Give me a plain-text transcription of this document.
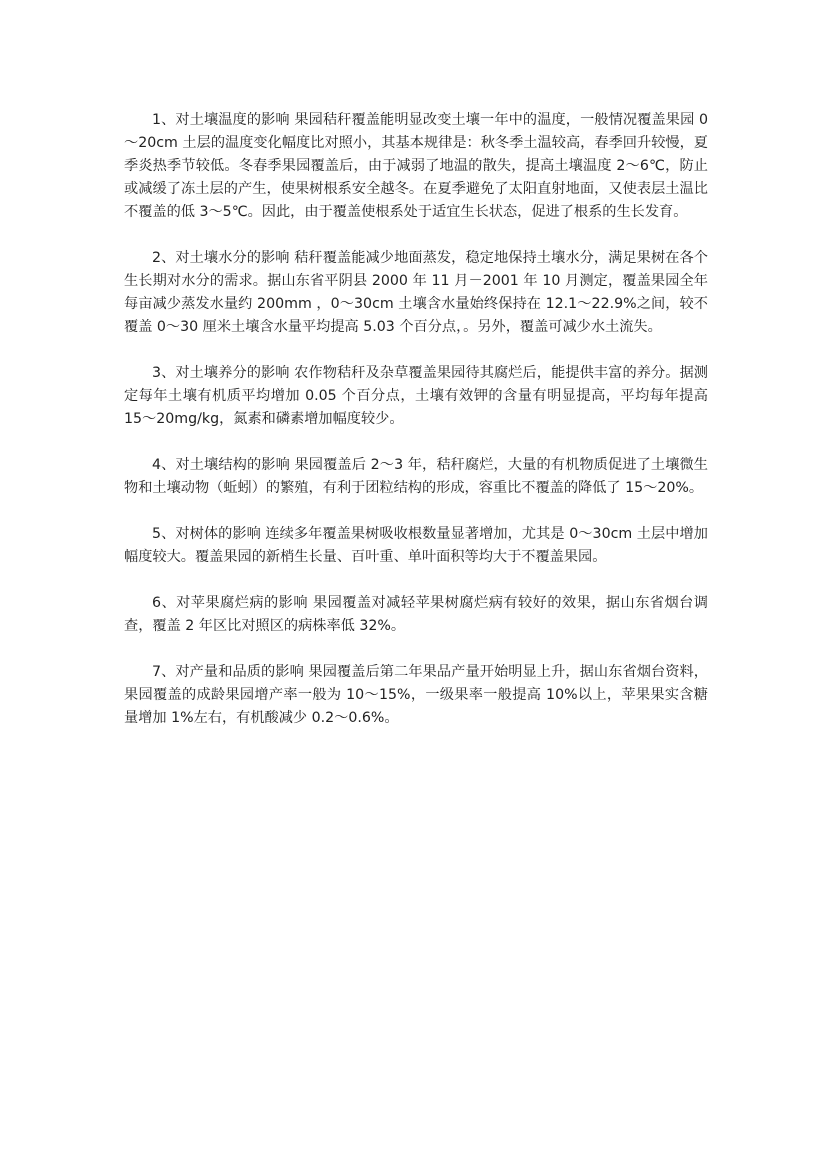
1、对土壤温度的影响 果园秸秆覆盖能明显改变土壤一年中的温度，一般情况覆盖果园 0～20cm 土层的温度变化幅度比对照小，其基本规律是：秋冬季土温较高，春季回升较慢，夏季炎热季节较低。冬春季果园覆盖后，由于减弱了地温的散失，提高土壤温度 2～6℃，防止或减缓了冻土层的产生，使果树根系安全越冬。在夏季避免了太阳直射地面，又使表层土温比不覆盖的低 3～5℃。因此，由于覆盖使根系处于适宜生长状态，促进了根系的生长发育。

2、对土壤水分的影响 秸秆覆盖能减少地面蒸发，稳定地保持土壤水分，满足果树在各个生长期对水分的需求。据山东省平阴县 2000 年 11 月－2001 年 10 月测定，覆盖果园全年每亩减少蒸发水量约 200mm ，0～30cm 土壤含水量始终保持在 12.1～22.9%之间，较不覆盖 0～30 厘米土壤含水量平均提高 5.03 个百分点，。另外，覆盖可减少水土流失。

3、对土壤养分的影响 农作物秸秆及杂草覆盖果园待其腐烂后，能提供丰富的养分。据测定每年土壤有机质平均增加 0.05 个百分点，土壤有效钾的含量有明显提高，平均每年提高 15～20mg/kg，氮素和磷素增加幅度较少。

4、对土壤结构的影响 果园覆盖后 2～3 年，秸秆腐烂，大量的有机物质促进了土壤微生物和土壤动物（蚯蚓）的繁殖，有利于团粒结构的形成，容重比不覆盖的降低了 15～20%。

5、对树体的影响 连续多年覆盖果树吸收根数量显著增加，尤其是 0～30cm 土层中增加幅度较大。覆盖果园的新梢生长量、百叶重、单叶面积等均大于不覆盖果园。

6、对苹果腐烂病的影响 果园覆盖对减轻苹果树腐烂病有较好的效果，据山东省烟台调查，覆盖 2 年区比对照区的病株率低 32%。

7、对产量和品质的影响 果园覆盖后第二年果品产量开始明显上升，据山东省烟台资料，果园覆盖的成龄果园增产率一般为 10～15%，一级果率一般提高 10%以上，苹果果实含糖量增加 1%左右，有机酸减少 0.2～0.6%。
